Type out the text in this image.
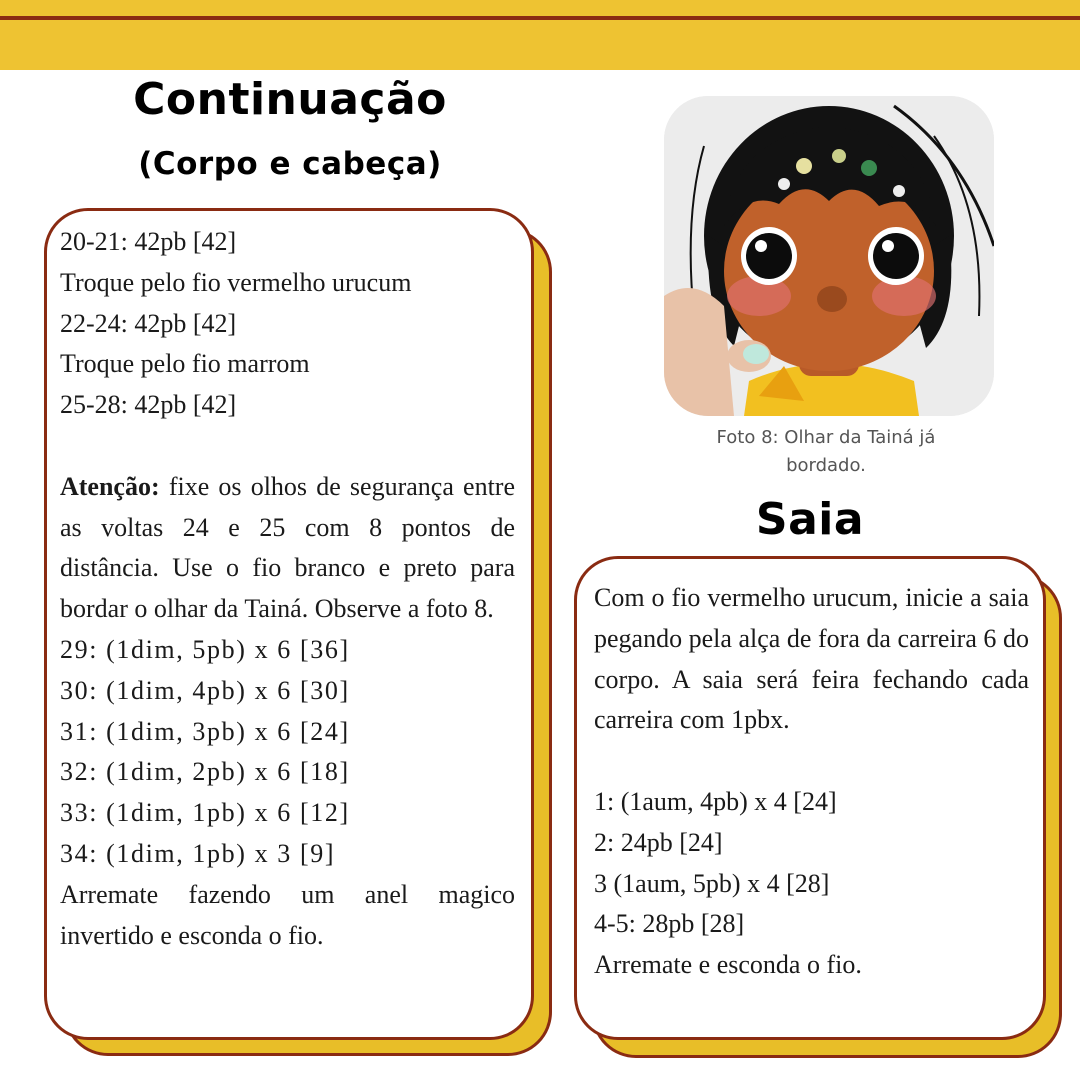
Continuação
(Corpo e cabeça)
20-21: 42pb [42]
Troque pelo fio vermelho urucum
22-24: 42pb [42]
Troque pelo fio marrom
25-28: 42pb [42]
Atenção: fixe os olhos de segurança entre as voltas 24 e 25 com 8 pontos de distância. Use o fio branco e preto para bordar o olhar da Tainá. Observe a foto 8.
29: (1dim, 5pb) x 6 [36]
30: (1dim, 4pb) x 6 [30]
31: (1dim, 3pb) x 6 [24]
32: (1dim, 2pb) x 6 [18]
33: (1dim, 1pb) x 6 [12]
34: (1dim, 1pb) x 3 [9]
Arremate fazendo um anel magico invertido e esconda o fio.
Foto 8: Olhar da Tainá já bordado.
Saia
Com o fio vermelho urucum, inicie a saia pegando pela alça de fora da carreira 6 do corpo. A saia será feira fechando cada carreira com 1pbx.
1: (1aum, 4pb) x 4 [24]
2: 24pb [24]
3 (1aum, 5pb) x 4 [28]
4-5: 28pb [28]
Arremate e esconda o fio.
